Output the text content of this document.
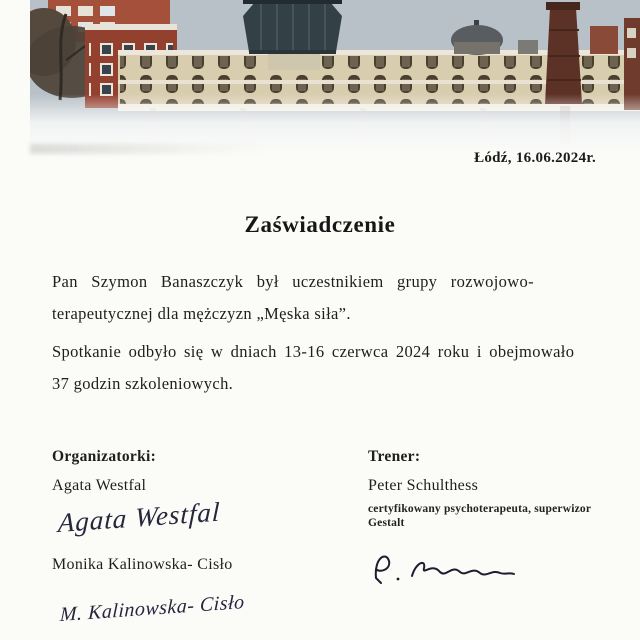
Łódź, 16.06.2024r.
Zaświadczenie

Pan Szymon Banaszczyk był uczestnikiem grupy rozwojowo-
terapeutycznej dla mężczyzn „Męska siła”.

Spotkanie odbyło się w dniach 13-16 czerwca 2024 roku i obejmowało
37 godzin szkoleniowych.

Organizatorki:

Agata Westfal

Agata Westfal

Monika Kalinowska- Cisło

M. Kalinowska- Cisło

Trener:

Peter Schulthess

certyfikowany psychoterapeuta, superwizor
Gestalt
